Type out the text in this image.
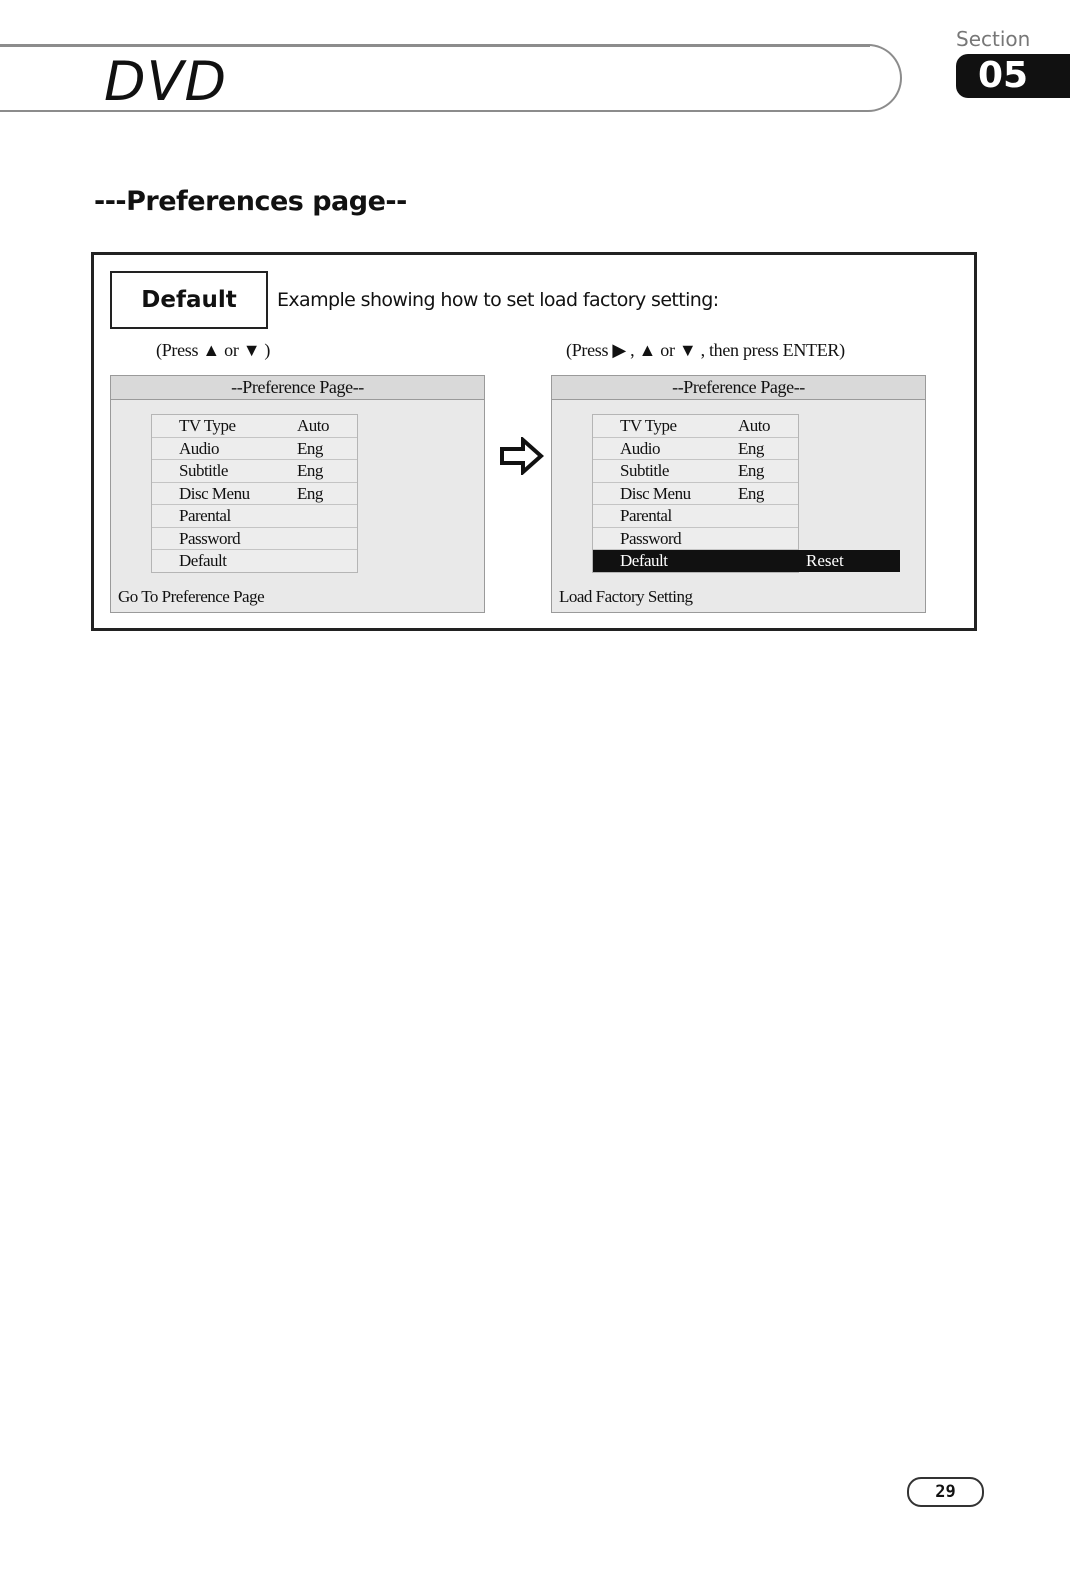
DVD
Section
05
---Preferences page--
Default	Example showing how to set load factory setting:
(Press ▲ or ▼ )	(Press ▶ , ▲ or ▼ , then press ENTER)
--Preference Page--
TV Type	Auto
Audio	Eng
Subtitle	Eng
Disc Menu	Eng
Parental
Password
Default
Go To Preference Page
--Preference Page--
TV Type	Auto
Audio	Eng
Subtitle	Eng
Disc Menu	Eng
Parental
Password
Default	Reset
Load Factory Setting
29
